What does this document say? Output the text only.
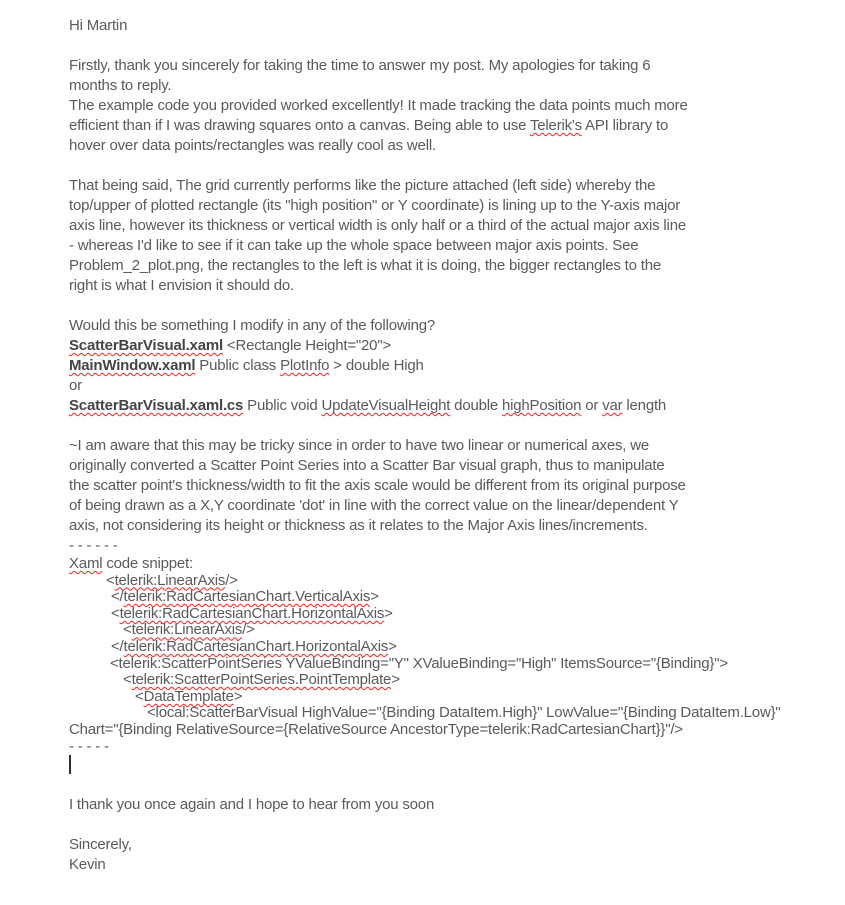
Hi Martin
Firstly, thank you sincerely for taking the time to answer my post. My apologies for taking 6
months to reply.
The example code you provided worked excellently! It made tracking the data points much more
efficient than if I was drawing squares onto a canvas. Being able to use Telerik's API library to
hover over data points/rectangles was really cool as well.
That being said, The grid currently performs like the picture attached (left side) whereby the
top/upper of plotted rectangle (its "high position" or Y coordinate) is lining up to the Y-axis major
axis line, however its thickness or vertical width is only half or a third of the actual major axis line
- whereas I'd like to see if it can take up the whole space between major axis points. See
Problem_2_plot.png, the rectangles to the left is what it is doing, the bigger rectangles to the
right is what I envision it should do.
Would this be something I modify in any of the following?
ScatterBarVisual.xaml <Rectangle Height="20">
MainWindow.xaml Public class PlotInfo > double High
or
ScatterBarVisual.xaml.cs Public void UpdateVisualHeight double highPosition or var length
~I am aware that this may be tricky since in order to have two linear or numerical axes, we
originally converted a Scatter Point Series into a Scatter Bar visual graph, thus to manipulate
the scatter point's thickness/width to fit the axis scale would be different from its original purpose
of being drawn as a X,Y coordinate 'dot' in line with the correct value on the linear/dependent Y
axis, not considering its height or thickness as it relates to the Major Axis lines/increments.
- - - - - -
Xaml code snippet:
<telerik:LinearAxis/>
</telerik:RadCartesianChart.VerticalAxis>
<telerik:RadCartesianChart.HorizontalAxis>
<telerik:LinearAxis/>
</telerik:RadCartesianChart.HorizontalAxis>
<telerik:ScatterPointSeries YValueBinding="Y" XValueBinding="High" ItemsSource="{Binding}">
<telerik:ScatterPointSeries.PointTemplate>
<DataTemplate>
<local:ScatterBarVisual HighValue="{Binding DataItem.High}" LowValue="{Binding DataItem.Low}"
Chart="{Binding RelativeSource={RelativeSource AncestorType=telerik:RadCartesianChart}}"/>
- - - - -
I thank you once again and I hope to hear from you soon
Sincerely,
Kevin
